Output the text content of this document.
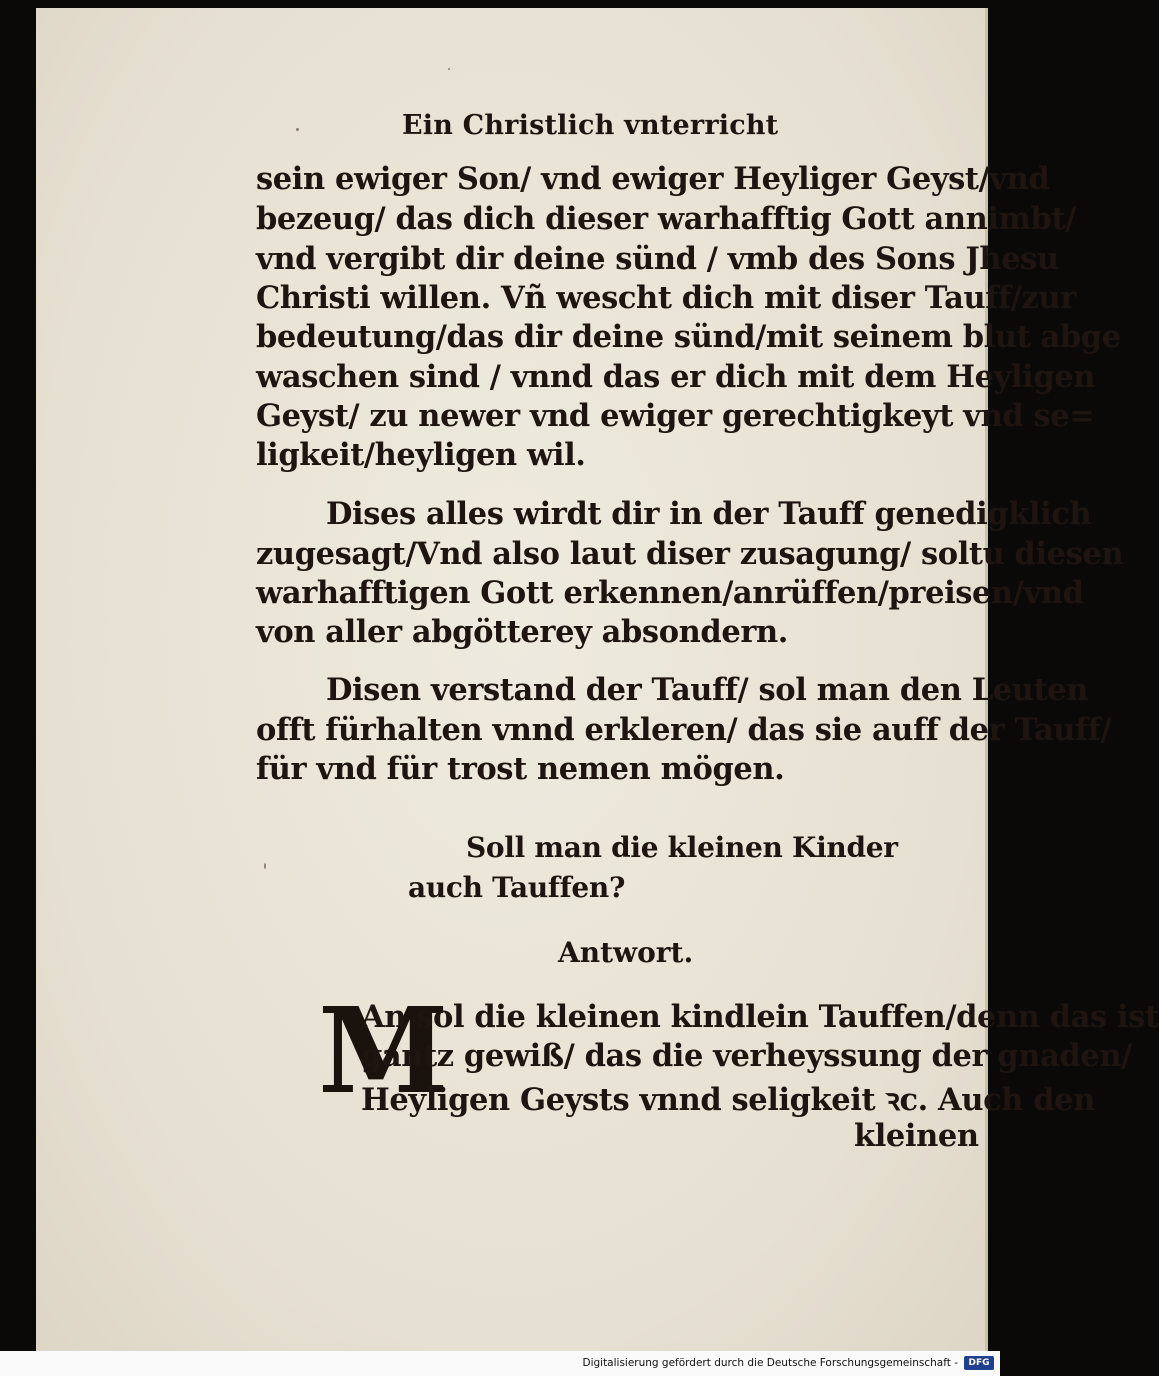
Ein Christlich vnterricht
sein ewiger Son/ vnd ewiger Heyliger Geyst/vnd
bezeug/ das dich dieser warhafftig Gott annimbt/
vnd vergibt dir deine sünd / vmb des Sons Jhesu
Christi willen. Vñ wescht dich mit diser Tauff/zur
bedeutung/das dir deine sünd/mit seinem blut abge
waschen sind / vnnd das er dich mit dem Heyligen
Geyst/ zu newer vnd ewiger gerechtigkeyt vnd se=
ligkeit/heyligen wil.
Dises alles wirdt dir in der Tauff genedigklich
zugesagt/Vnd also laut diser zusagung/ soltu diesen
warhafftigen Gott erkennen/anrüffen/preisen/vnd
von aller abgötterey absondern.
Disen verstand der Tauff/ sol man den Leuten
offt fürhalten vnnd erkleren/ das sie auff der Tauff/
für vnd für trost nemen mögen.
Soll man die kleinen Kinder
auch Tauffen?
Antwort.
M
An sol die kleinen kindlein Tauffen/denn das ist
gantz gewiß/ das die verheyssung der gnaden/
Heyligen Geysts vnnd seligkeit ꝛc. Auch den
kleinen
Digitalisierung gefördert durch die Deutsche Forschungsgemeinschaft -	DFG
